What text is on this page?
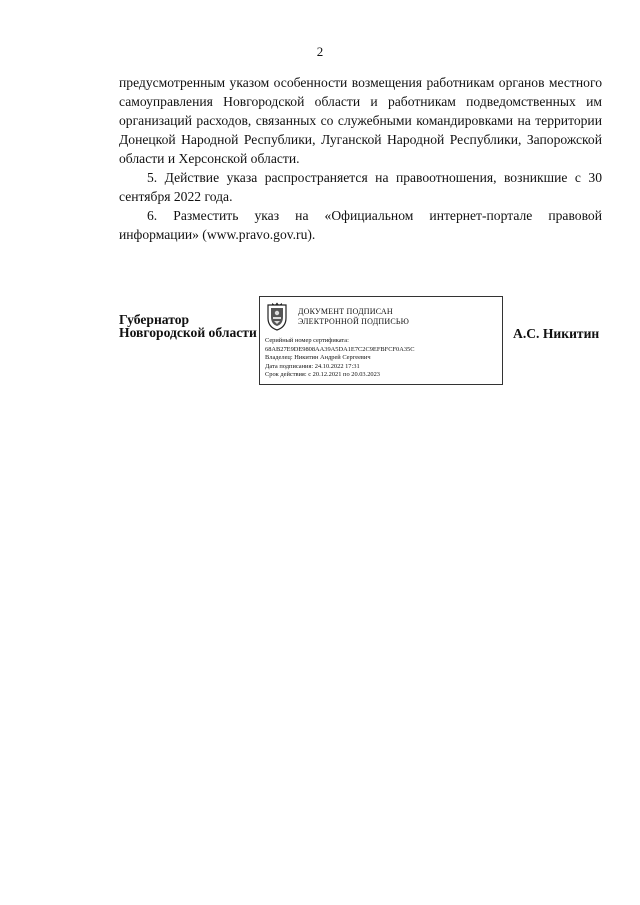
2

предусмотренным указом особенности возмещения работникам органов местного самоуправления Новгородской области и работникам подведомственных им организаций расходов, связанных со служебными командировками на территории Донецкой Народной Республики, Луганской Народной Республики, Запорожской области и Херсонской области.

5. Действие указа распространяется на правоотношения, возникшие с 30 сентября 2022 года.

6. Разместить указ на «Официальном интернет-портале правовой информации» (www.pravo.gov.ru).

Губернатор
Новгородской области
ДОКУМЕНТ ПОДПИСАН
ЭЛЕКТРОННОЙ ПОДПИСЬЮ
Серийный номер сертификата:
68AB27E9DE9808AA39A5DA1E7C2C9EFBFCF0A35C
Владелец: Никитин Андрей Сергеевич
Дата подписания: 24.10.2022 17:31
Срок действия: с 20.12.2021 по 20.03.2023
А.С. Никитин
